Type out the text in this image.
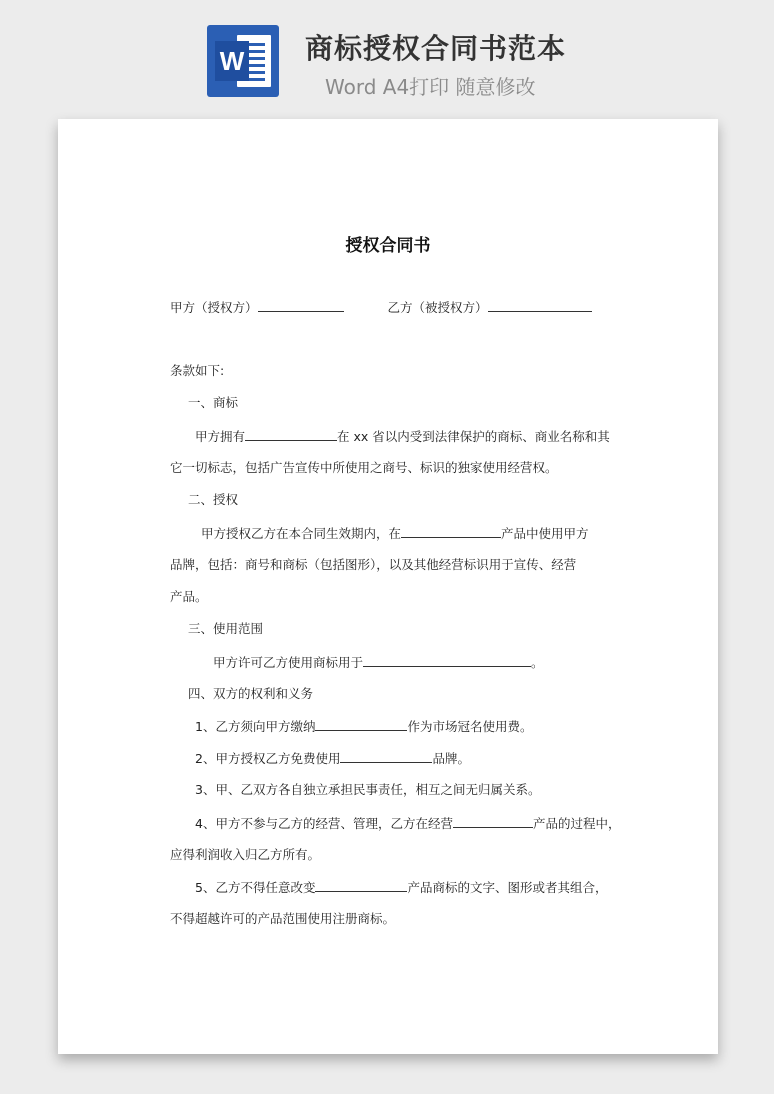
W 商标授权合同书范本
Word A4打印 随意修改
授权合同书
甲方（授权方）	乙方（被授权方）
条款如下:
一、商标
甲方拥有	在 xx 省以内受到法律保护的商标、商业名称和其
它一切标志，包括广告宣传中所使用之商号、标识的独家使用经营权。
二、授权
甲方授权乙方在本合同生效期内，在	产品中使用甲方
品牌，包括：商号和商标（包括图形），以及其他经营标识用于宣传、经营
产品。
三、使用范围
甲方许可乙方使用商标用于	。
四、双方的权利和义务
1、乙方须向甲方缴纳	作为市场冠名使用费。
2、甲方授权乙方免费使用	品牌。
3、甲、乙双方各自独立承担民事责任，相互之间无归属关系。
4、甲方不参与乙方的经营、管理，乙方在经营	产品的过程中，
应得利润收入归乙方所有。
5、乙方不得任意改变	产品商标的文字、图形或者其组合，
不得超越许可的产品范围使用注册商标。
